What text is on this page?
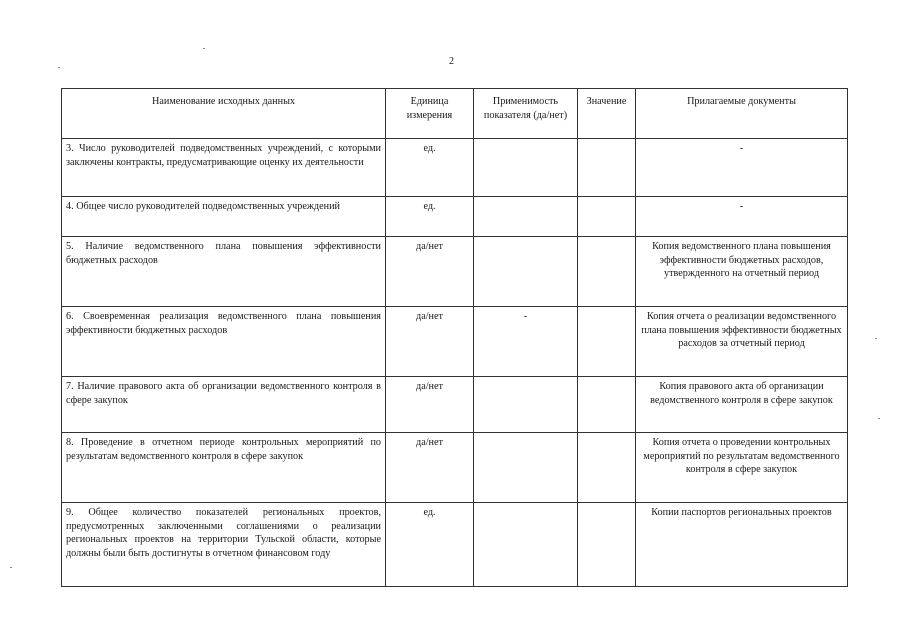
2
Наименование исходных данных	Единица измерения	Применимость показателя (да/нет)	Значение	Прилагаемые документы
3. Число руководителей подведомственных учреждений, с которыми заключены контракты, предусматривающие оценку их деятельности	ед.			-
4. Общее число руководителей подведомственных учреждений	ед.			-
5. Наличие ведомственного плана повышения эффективности бюджетных расходов	да/нет			Копия ведомственного плана повышения эффективности бюджетных расходов, утвержденного на отчетный период
6. Своевременная реализация ведомственного плана повышения эффективности бюджетных расходов	да/нет	-		Копия отчета о реализации ведомственного плана повышения эффективности бюджетных расходов за отчетный период
7. Наличие правового акта об организации ведомственного контроля в сфере закупок	да/нет			Копия правового акта об организации ведомственного контроля в сфере закупок
8. Проведение в отчетном периоде контрольных мероприятий по результатам ведомственного контроля в сфере закупок	да/нет			Копия отчета о проведении контрольных мероприятий по результатам ведомственного контроля в сфере закупок
9. Общее количество показателей региональных проектов, предусмотренных заключенными соглашениями о реализации региональных проектов на территории Тульской области, которые должны были быть достигнуты в отчетном финансовом году	ед.			Копии паспортов региональных проектов
